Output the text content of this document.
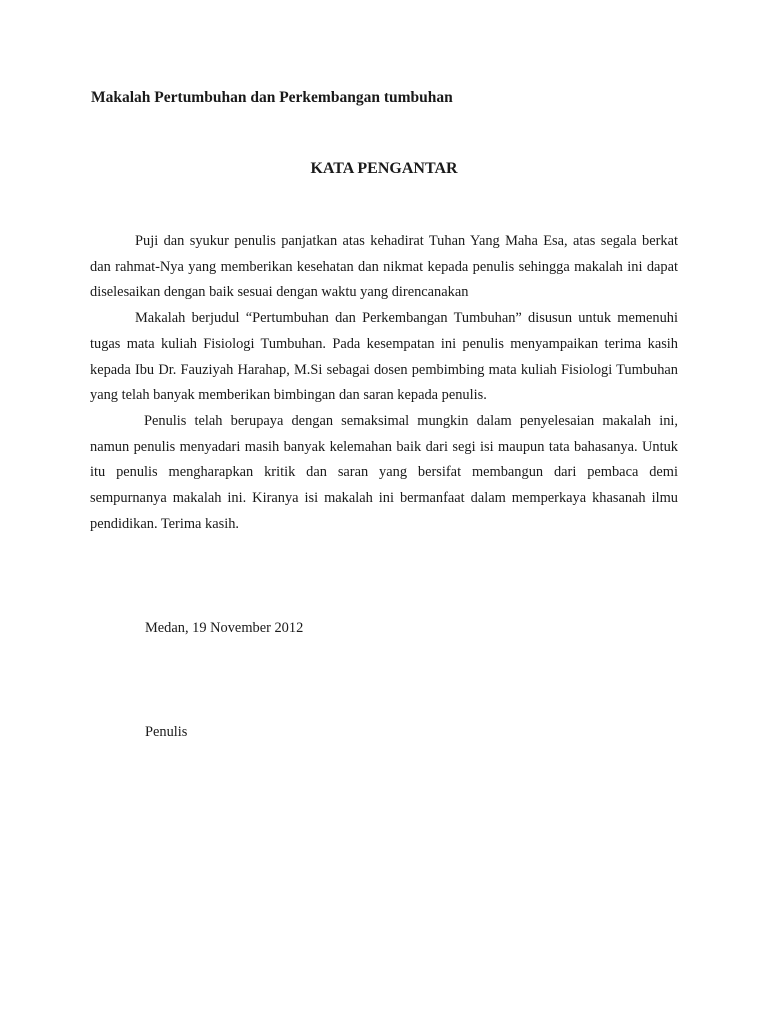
Makalah Pertumbuhan dan Perkembangan tumbuhan
KATA PENGANTAR

Puji dan syukur penulis panjatkan atas kehadirat Tuhan Yang Maha Esa, atas segala berkat dan rahmat-Nya yang memberikan kesehatan dan nikmat kepada penulis sehingga makalah ini dapat diselesaikan dengan baik sesuai dengan waktu yang direncanakan

Makalah berjudul “Pertumbuhan dan Perkembangan Tumbuhan” disusun untuk memenuhi tugas mata kuliah Fisiologi Tumbuhan. Pada kesempatan ini penulis menyampaikan terima kasih kepada Ibu Dr. Fauziyah Harahap, M.Si sebagai dosen pembimbing mata kuliah Fisiologi Tumbuhan yang telah banyak memberikan bimbingan dan saran kepada penulis.

Penulis telah berupaya dengan semaksimal mungkin dalam penyelesaian makalah ini, namun penulis menyadari masih banyak kelemahan baik dari segi isi maupun tata bahasanya. Untuk itu penulis mengharapkan kritik dan saran yang bersifat membangun dari pembaca demi sempurnanya makalah ini. Kiranya isi makalah ini bermanfaat dalam memperkaya khasanah ilmu pendidikan. Terima kasih.

Medan, 19 November 2012
Penulis
